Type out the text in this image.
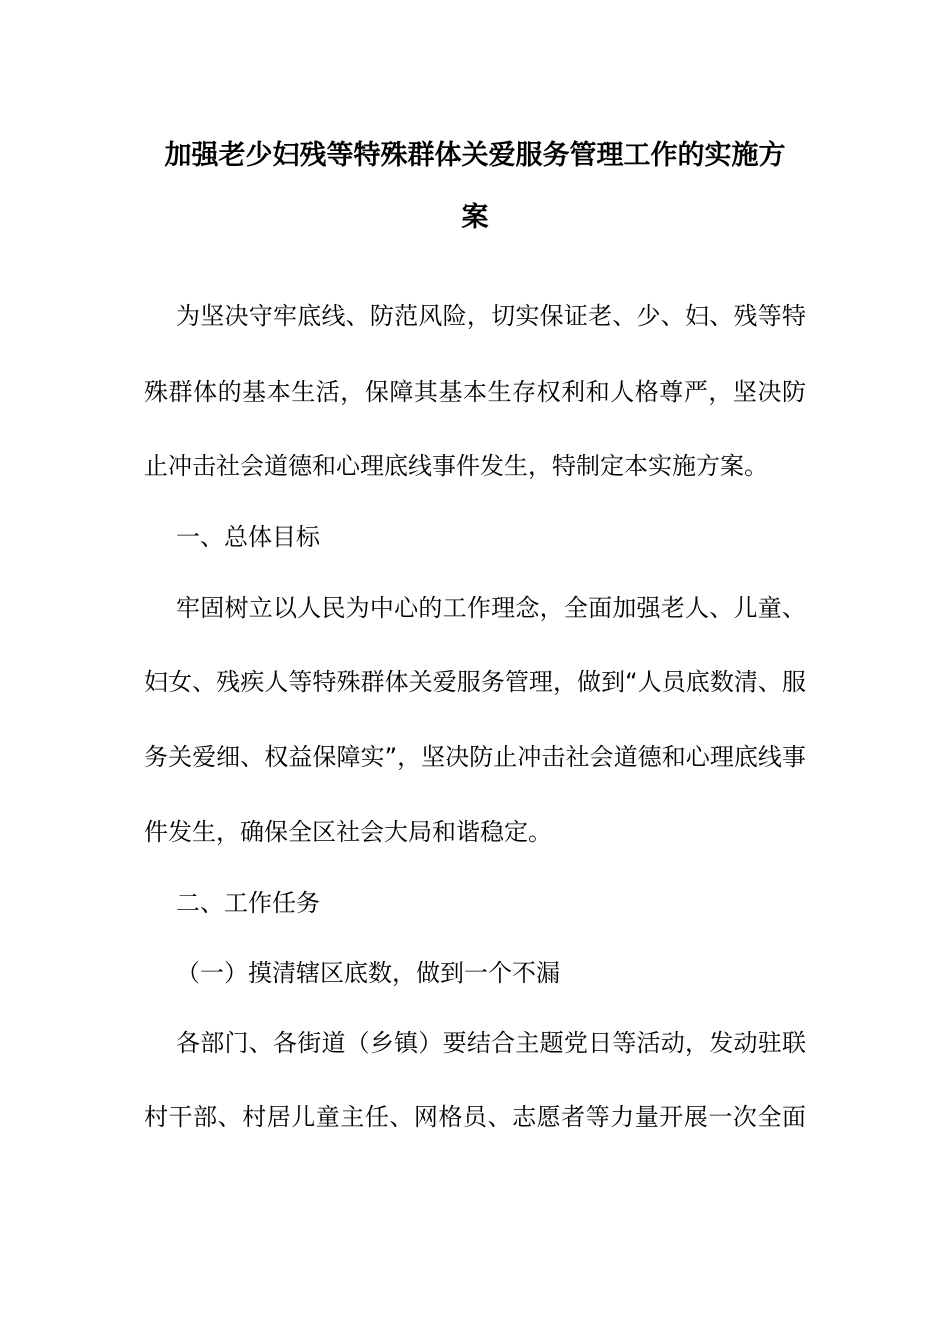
加强老少妇残等特殊群体关爱服务管理工作的实施方
案

为坚决守牢底线、防范风险，切实保证老、少、妇、残等特

殊群体的基本生活，保障其基本生存权利和人格尊严，坚决防

止冲击社会道德和心理底线事件发生，特制定本实施方案。

一、总体目标

牢固树立以人民为中心的工作理念，全面加强老人、儿童、

妇女、残疾人等特殊群体关爱服务管理，做到“人员底数清、服

务关爱细、权益保障实”，坚决防止冲击社会道德和心理底线事

件发生，确保全区社会大局和谐稳定。

二、工作任务

（一）摸清辖区底数，做到一个不漏

各部门、各街道（乡镇）要结合主题党日等活动，发动驻联

村干部、村居儿童主任、网格员、志愿者等力量开展一次全面
